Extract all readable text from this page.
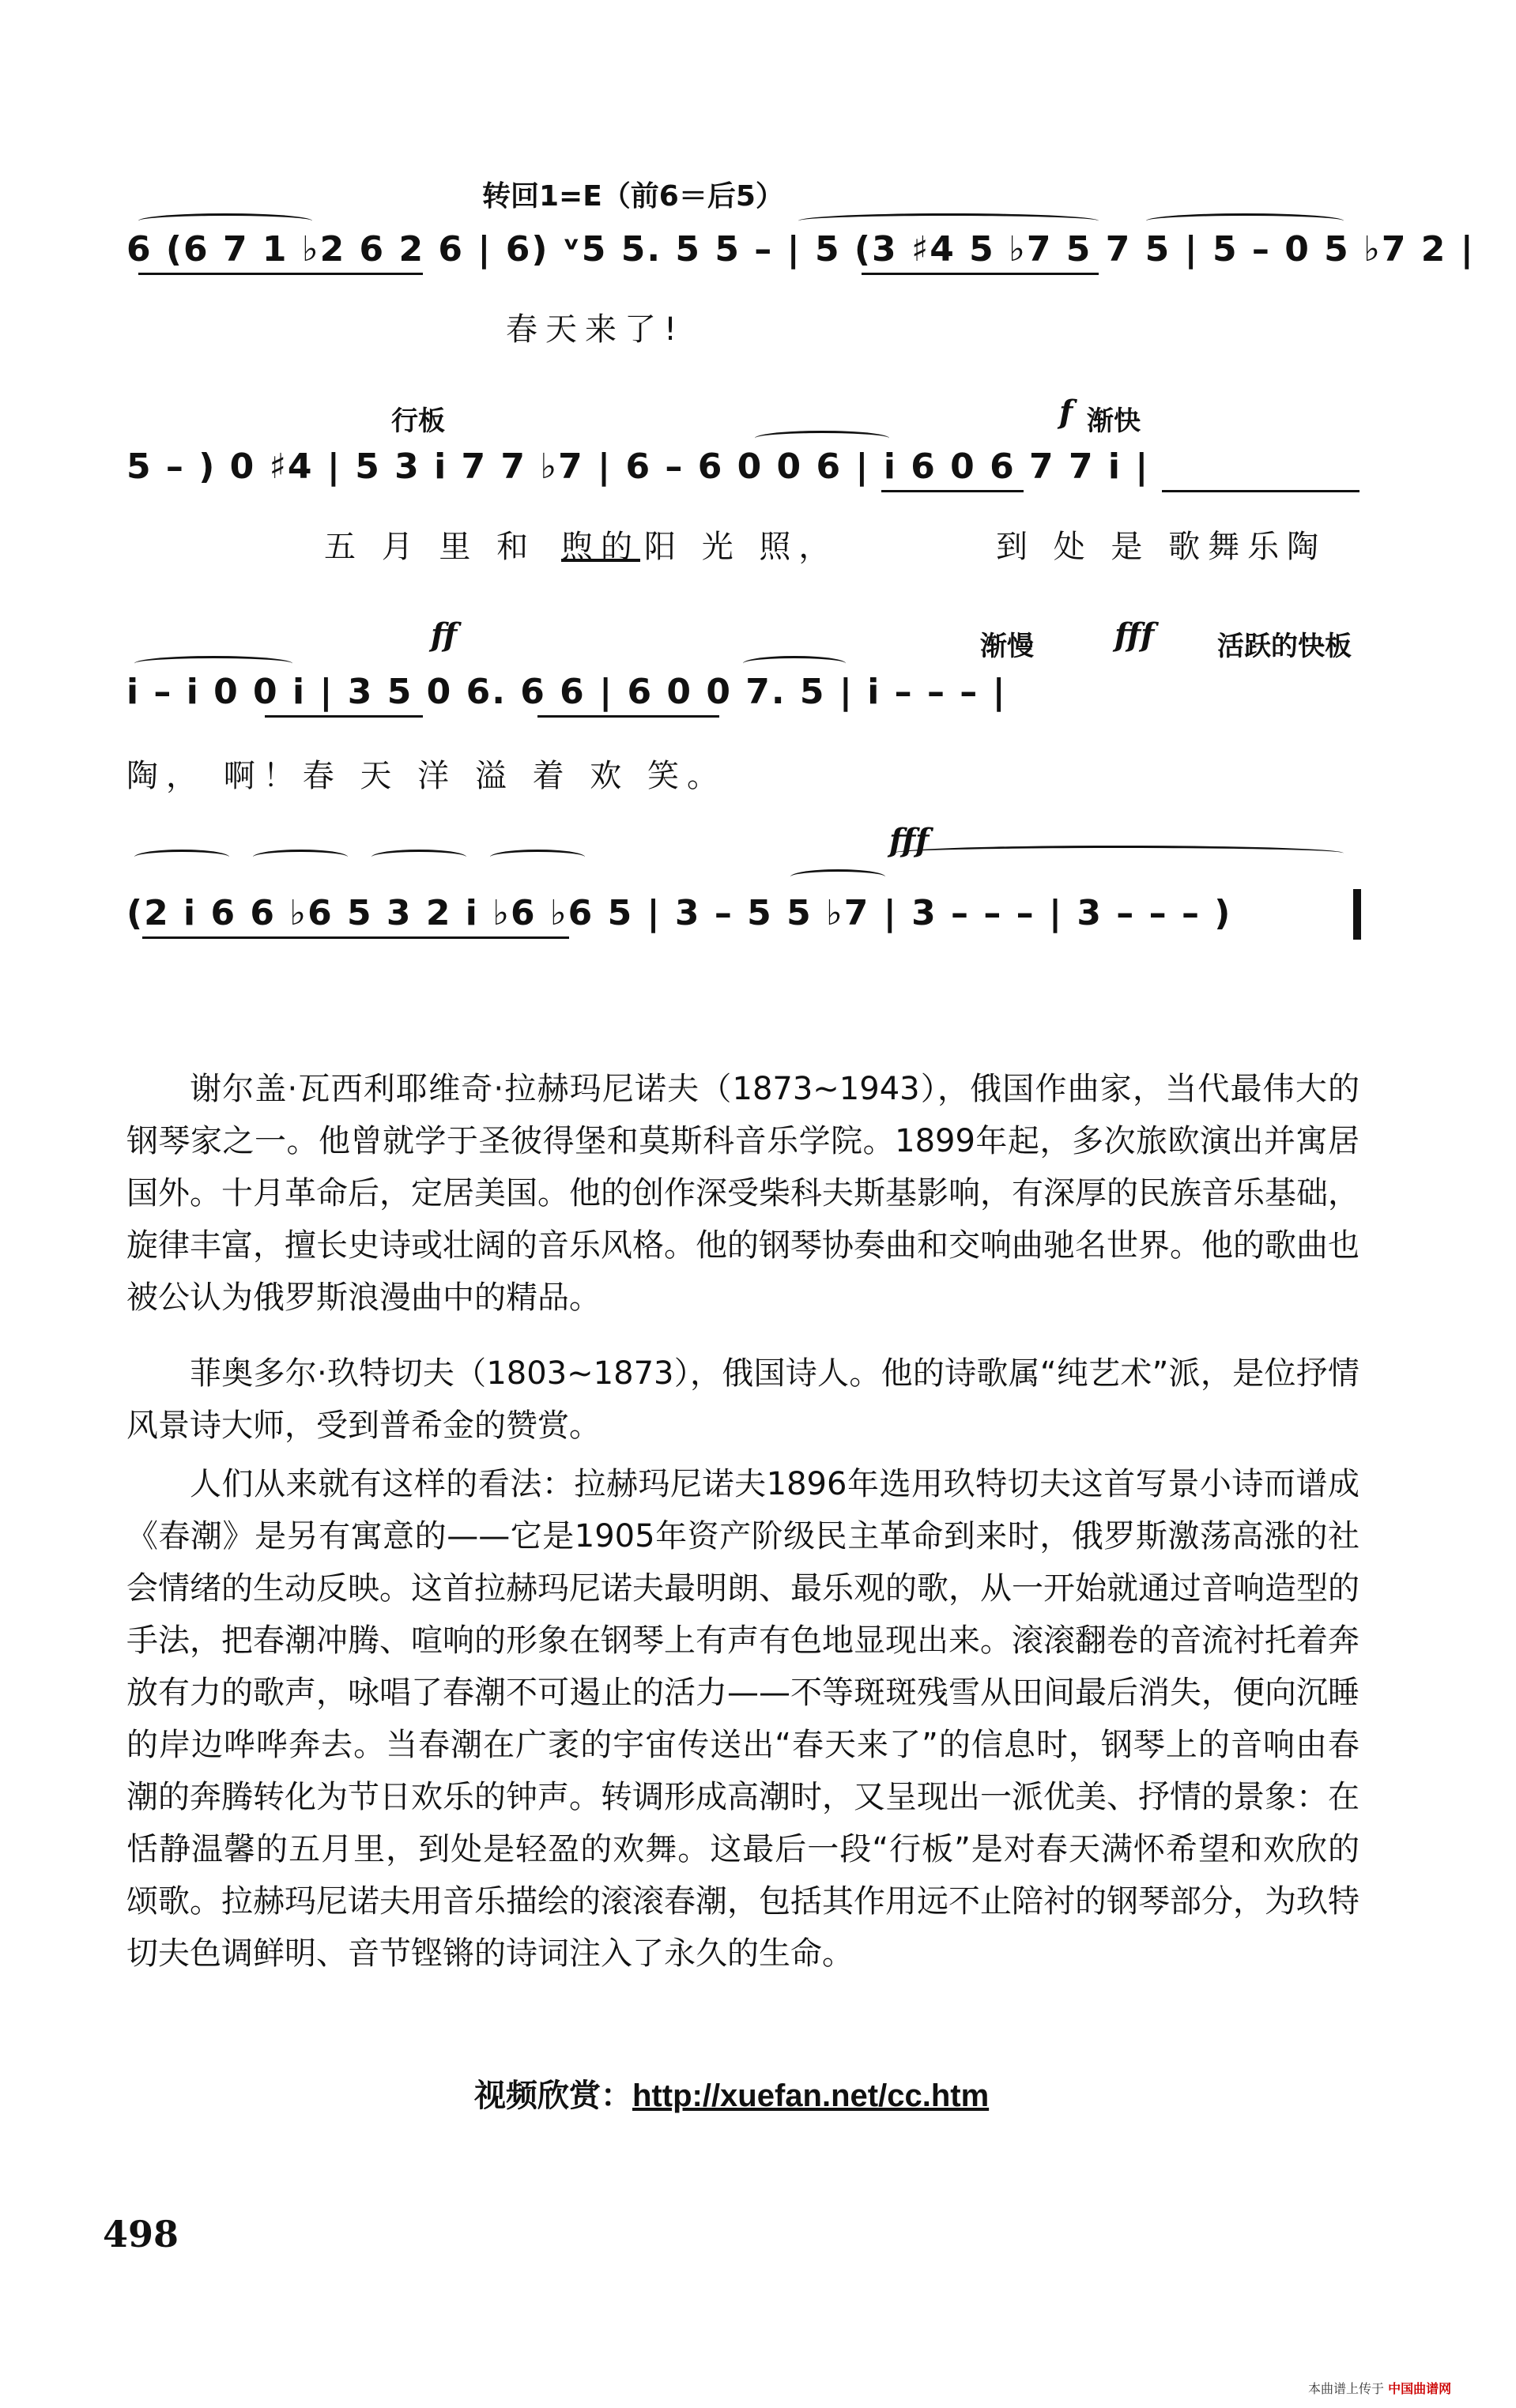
转回1=E（前6＝后5）
6 (6 7 1 ♭2 6 2 6 | 6) ᵛ5 5. 5 5 – | 5 (3 ♯4 5 ♭7 5 7 5 | 5 – 0 5 ♭7 2 |
春天来了!
行板	f 渐快
5 – ) 0 ♯4 | 5 3 i 7 7 ♭7 | 6 – 6 0 0 6 | i 6 0 6 7 7 i |
五 月 里 和 煦的 阳 光 照，	到 处 是 歌舞乐陶
ff	渐慢	fff 活跃的快板
i – i 0 0 i | 3 5 0 6. 6 6 | 6 0 0 7. 5 | i – – – |
陶， 啊！春 天 洋 溢 着 欢 笑。
fff
(2 i 6 6 ♭6 5 3 2 i ♭6 ♭6 5 | 3 – 5 5 ♭7 | 3 – – – | 3 – – – )
谢尔盖·瓦西利耶维奇·拉赫玛尼诺夫（1873~1943），俄国作曲家，当代最伟大的钢琴家之一。他曾就学于圣彼得堡和莫斯科音乐学院。1899年起，多次旅欧演出并寓居国外。十月革命后，定居美国。他的创作深受柴科夫斯基影响，有深厚的民族音乐基础，旋律丰富，擅长史诗或壮阔的音乐风格。他的钢琴协奏曲和交响曲驰名世界。他的歌曲也被公认为俄罗斯浪漫曲中的精品。
菲奥多尔·玖特切夫（1803~1873），俄国诗人。他的诗歌属“纯艺术”派，是位抒情风景诗大师，受到普希金的赞赏。
人们从来就有这样的看法：拉赫玛尼诺夫1896年选用玖特切夫这首写景小诗而谱成《春潮》是另有寓意的——它是1905年资产阶级民主革命到来时，俄罗斯激荡高涨的社会情绪的生动反映。这首拉赫玛尼诺夫最明朗、最乐观的歌，从一开始就通过音响造型的手法，把春潮冲腾、喧响的形象在钢琴上有声有色地显现出来。滚滚翻卷的音流衬托着奔放有力的歌声，咏唱了春潮不可遏止的活力——不等斑斑残雪从田间最后消失，便向沉睡的岸边哗哗奔去。当春潮在广袤的宇宙传送出“春天来了”的信息时，钢琴上的音响由春潮的奔腾转化为节日欢乐的钟声。转调形成高潮时，又呈现出一派优美、抒情的景象：在恬静温馨的五月里，到处是轻盈的欢舞。这最后一段“行板”是对春天满怀希望和欢欣的颂歌。拉赫玛尼诺夫用音乐描绘的滚滚春潮，包括其作用远不止陪衬的钢琴部分，为玖特切夫色调鲜明、音节铿锵的诗词注入了永久的生命。
视频欣赏：http://xuefan.net/cc.htm
498
本曲谱上传于 中国曲谱网
